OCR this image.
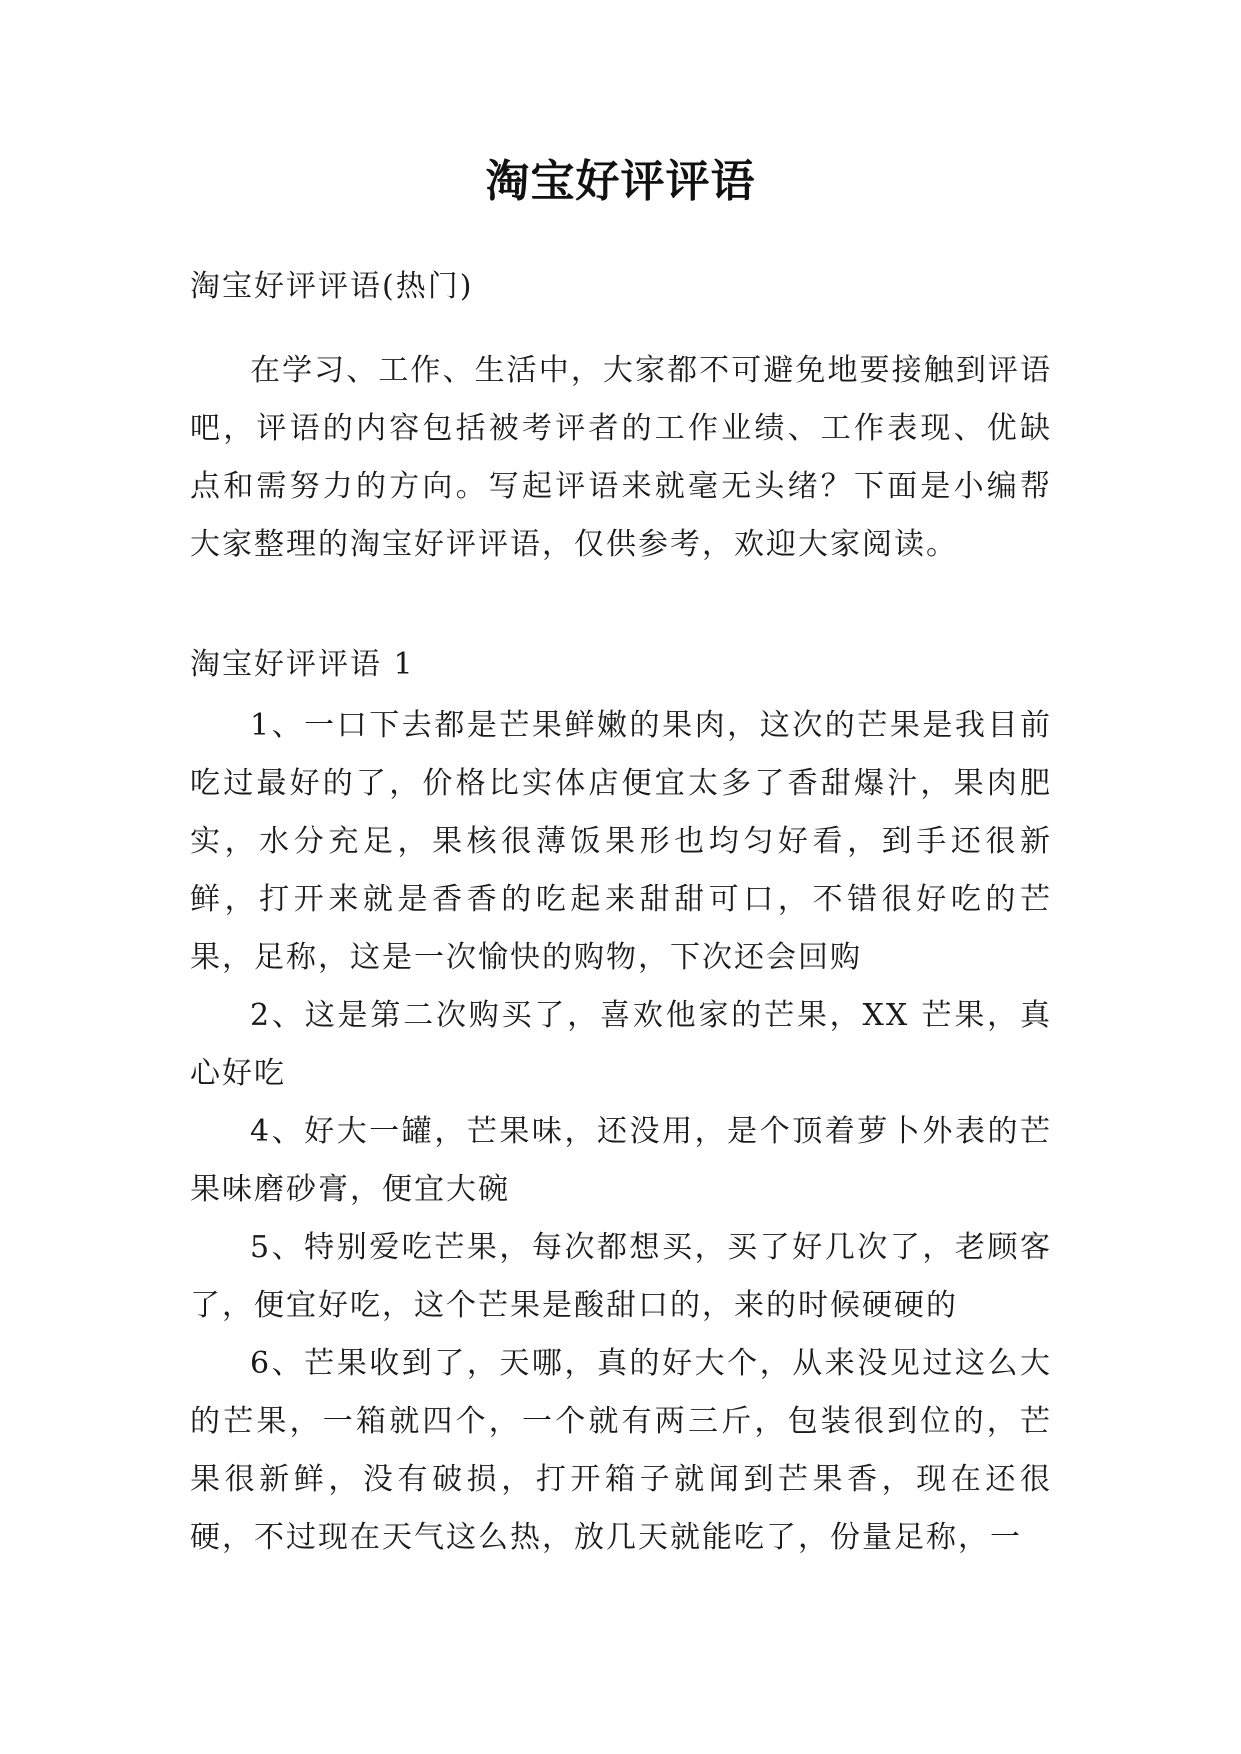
淘宝好评评语
淘宝好评评语(热门)

在学习、工作、生活中，大家都不可避免地要接触到评语吧，评语的内容包括被考评者的工作业绩、工作表现、优缺点和需努力的方向。写起评语来就毫无头绪？下面是小编帮大家整理的淘宝好评评语，仅供参考，欢迎大家阅读。

淘宝好评评语 1

1、一口下去都是芒果鲜嫩的果肉，这次的芒果是我目前吃过最好的了，价格比实体店便宜太多了香甜爆汁，果肉肥实，水分充足，果核很薄饭果形也均匀好看，到手还很新鲜，打开来就是香香的吃起来甜甜可口，不错很好吃的芒果，足称，这是一次愉快的购物，下次还会回购

2、这是第二次购买了，喜欢他家的芒果，XX 芒果，真心好吃

4、好大一罐，芒果味，还没用，是个顶着萝卜外表的芒果味磨砂膏，便宜大碗

5、特别爱吃芒果，每次都想买，买了好几次了，老顾客了，便宜好吃，这个芒果是酸甜口的，来的时候硬硬的

6、芒果收到了，天哪，真的好大个，从来没见过这么大的芒果，一箱就四个，一个就有两三斤，包装很到位的，芒果很新鲜，没有破损，打开箱子就闻到芒果香，现在还很硬，不过现在天气这么热，放几天就能吃了，份量足称，一
